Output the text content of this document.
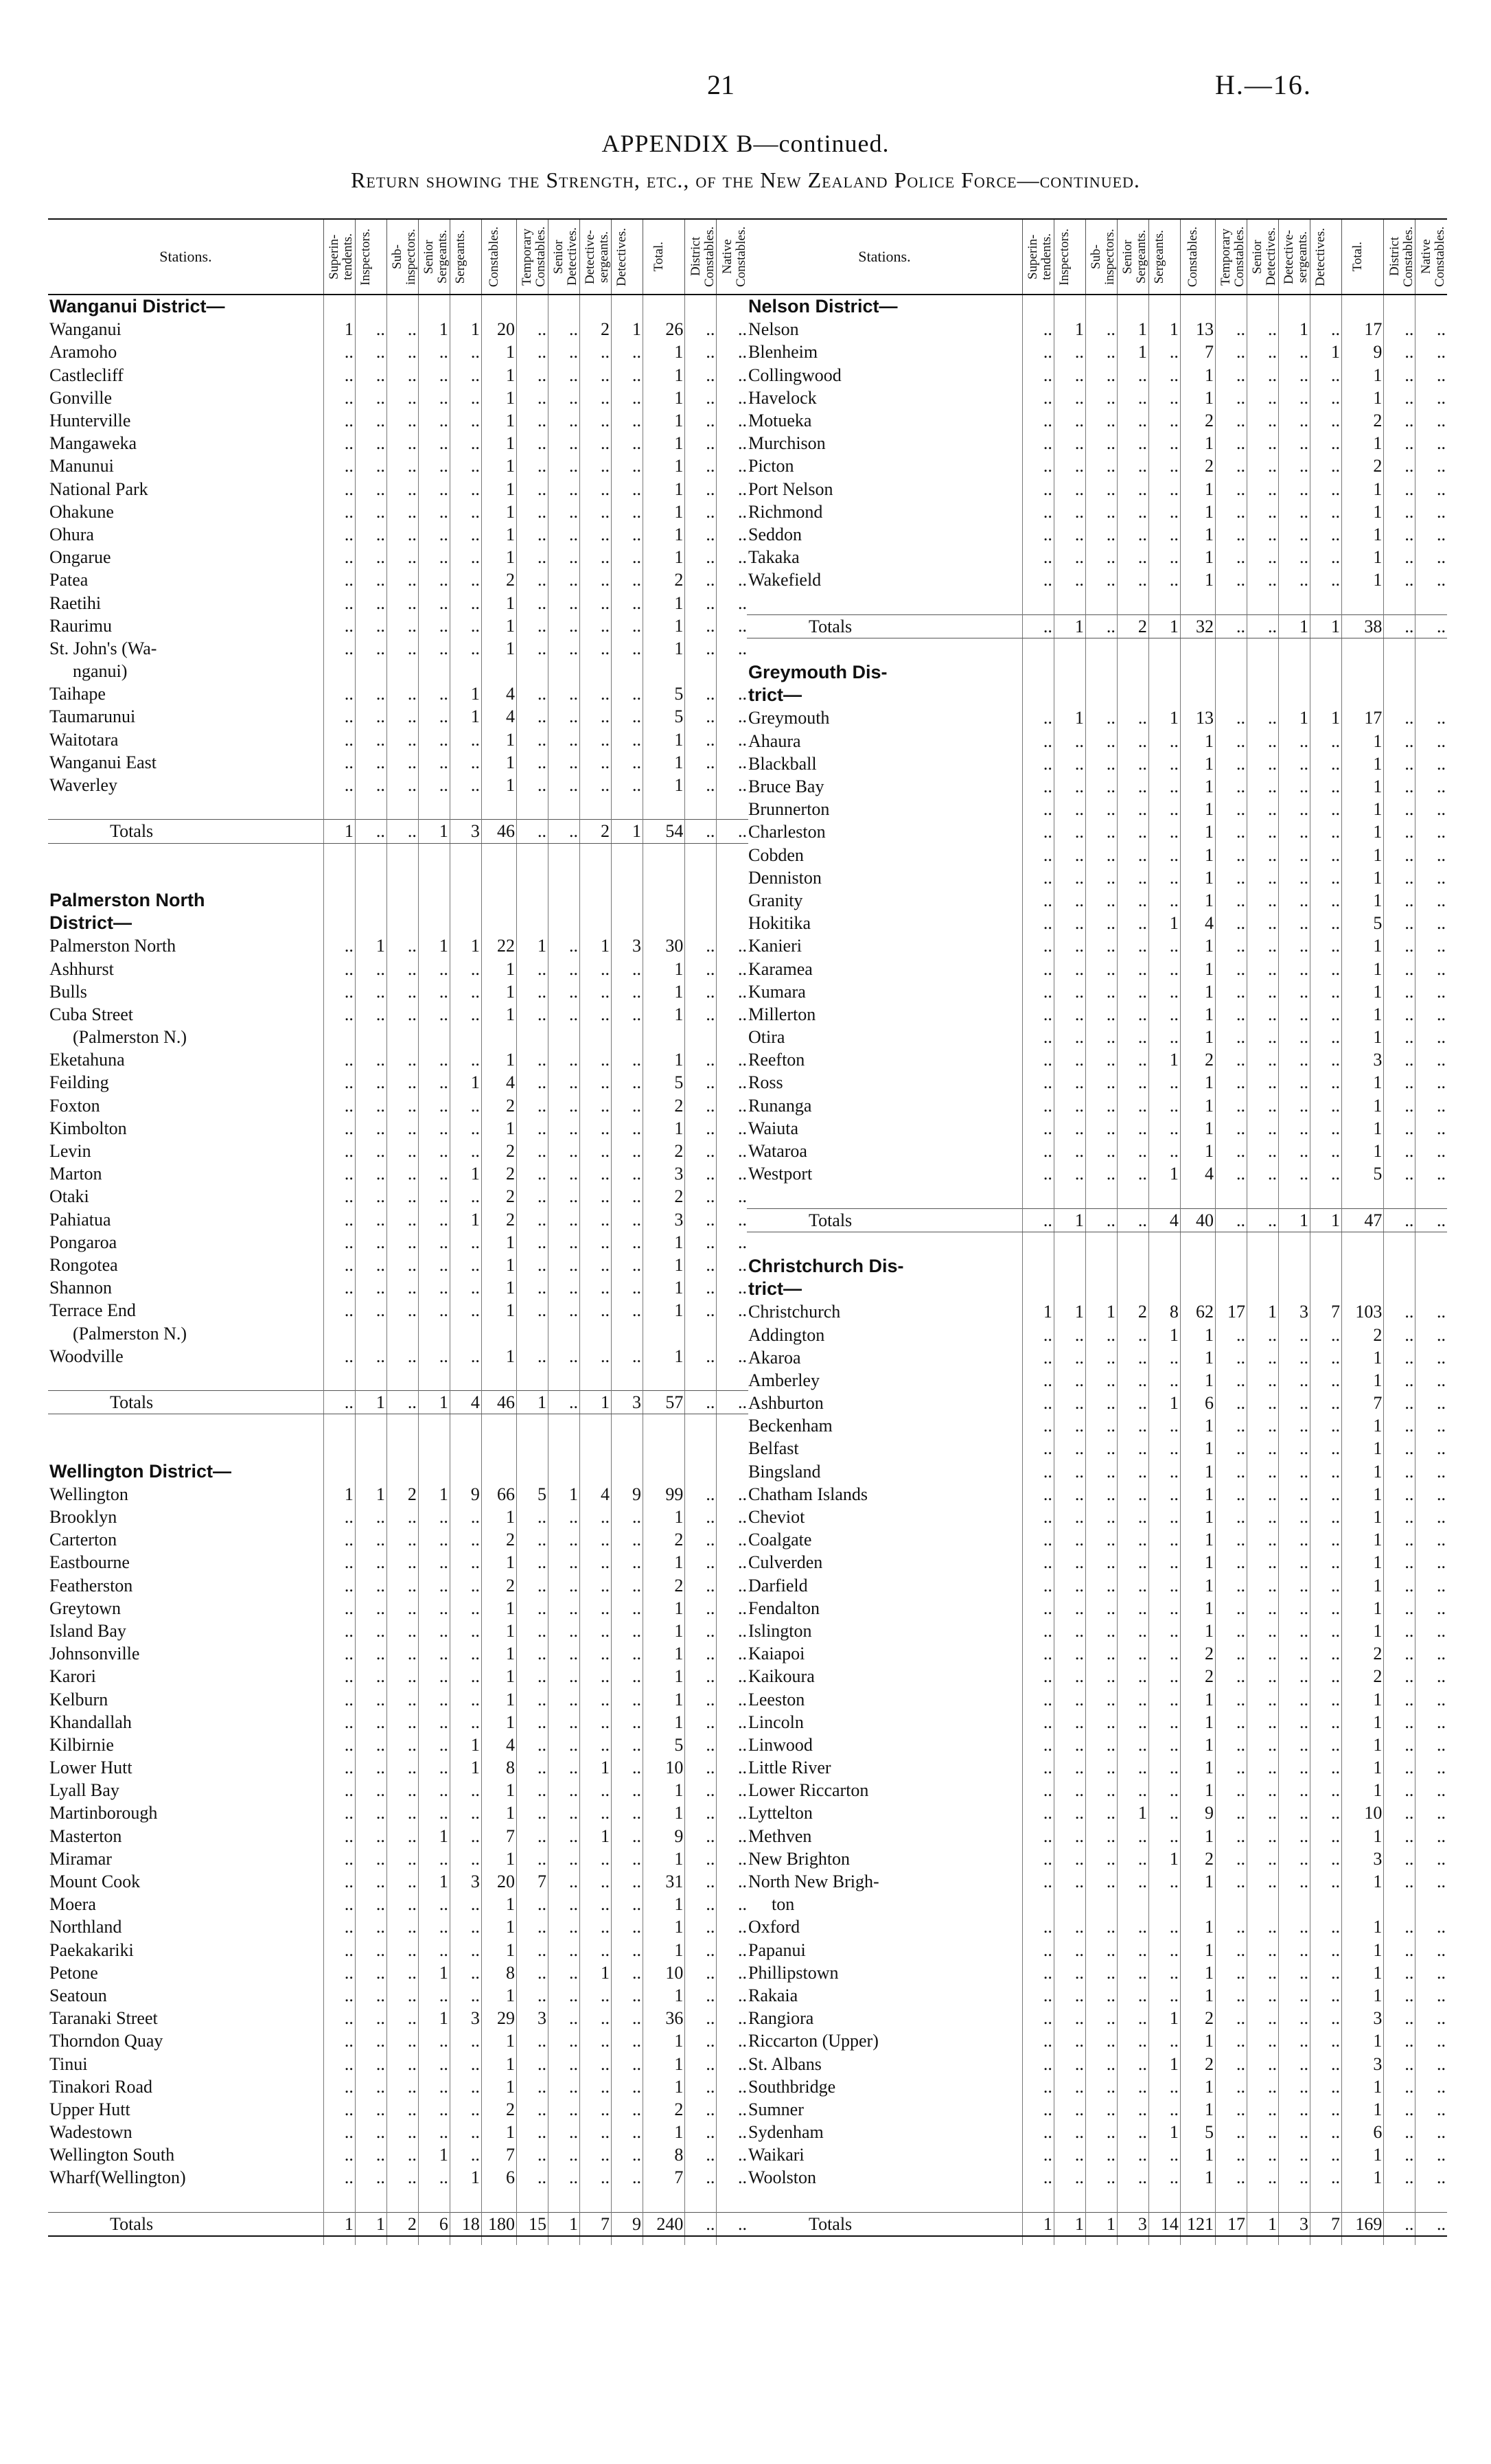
21	H.—16.
APPENDIX B—continued.
Return showing the Strength, etc., of the New Zealand Police Force—continued.
Stations.	Superin- tendents.	Inspectors.	Sub- inspectors.	Senior Sergeants.	Sergeants.	Constables.	Temporary Constables.	Senior Detectives.	Detective- sergeants.	Detectives.	Total.	District Constables.	Native Constables.

Wanganui District—													
Wanganui	1	..	..	1	1	20	..	..	2	1	26	..	..
Aramoho	..	..	..	..	..	1	..	..	..	..	1	..	..
Castlecliff	..	..	..	..	..	1	..	..	..	..	1	..	..
Gonville	..	..	..	..	..	1	..	..	..	..	1	..	..
Hunterville	..	..	..	..	..	1	..	..	..	..	1	..	..
Mangaweka	..	..	..	..	..	1	..	..	..	..	1	..	..
Manunui	..	..	..	..	..	1	..	..	..	..	1	..	..
National Park	..	..	..	..	..	1	..	..	..	..	1	..	..
Ohakune	..	..	..	..	..	1	..	..	..	..	1	..	..
Ohura	..	..	..	..	..	1	..	..	..	..	1	..	..
Ongarue	..	..	..	..	..	1	..	..	..	..	1	..	..
Patea	..	..	..	..	..	2	..	..	..	..	2	..	..
Raetihi	..	..	..	..	..	1	..	..	..	..	1	..	..
Raurimu	..	..	..	..	..	1	..	..	..	..	1	..	..
St. John's (Wa-	..	..	..	..	..	1	..	..	..	..	1	..	..
nganui)													
Taihape	..	..	..	..	1	4	..	..	..	..	5	..	..
Taumarunui	..	..	..	..	1	4	..	..	..	..	5	..	..
Waitotara	..	..	..	..	..	1	..	..	..	..	1	..	..
Wanganui East	..	..	..	..	..	1	..	..	..	..	1	..	..
Waverley	..	..	..	..	..	1	..	..	..	..	1	..	..

Totals	1	..	..	1	3	46	..	..	2	1	54	..	..

Palmerston North													
District—													
Palmerston North	..	1	..	1	1	22	1	..	1	3	30	..	..
Ashhurst	..	..	..	..	..	1	..	..	..	..	1	..	..
Bulls	..	..	..	..	..	1	..	..	..	..	1	..	..
Cuba Street	..	..	..	..	..	1	..	..	..	..	1	..	..
(Palmerston N.)													
Eketahuna	..	..	..	..	..	1	..	..	..	..	1	..	..
Feilding	..	..	..	..	1	4	..	..	..	..	5	..	..
Foxton	..	..	..	..	..	2	..	..	..	..	2	..	..
Kimbolton	..	..	..	..	..	1	..	..	..	..	1	..	..
Levin	..	..	..	..	..	2	..	..	..	..	2	..	..
Marton	..	..	..	..	1	2	..	..	..	..	3	..	..
Otaki	..	..	..	..	..	2	..	..	..	..	2	..	..
Pahiatua	..	..	..	..	1	2	..	..	..	..	3	..	..
Pongaroa	..	..	..	..	..	1	..	..	..	..	1	..	..
Rongotea	..	..	..	..	..	1	..	..	..	..	1	..	..
Shannon	..	..	..	..	..	1	..	..	..	..	1	..	..
Terrace End	..	..	..	..	..	1	..	..	..	..	1	..	..
(Palmerston N.)													
Woodville	..	..	..	..	..	1	..	..	..	..	1	..	..

Totals	..	1	..	1	4	46	1	..	1	3	57	..	..

Wellington District—													
Wellington	1	1	2	1	9	66	5	1	4	9	99	..	..
Brooklyn	..	..	..	..	..	1	..	..	..	..	1	..	..
Carterton	..	..	..	..	..	2	..	..	..	..	2	..	..
Eastbourne	..	..	..	..	..	1	..	..	..	..	1	..	..
Featherston	..	..	..	..	..	2	..	..	..	..	2	..	..
Greytown	..	..	..	..	..	1	..	..	..	..	1	..	..
Island Bay	..	..	..	..	..	1	..	..	..	..	1	..	..
Johnsonville	..	..	..	..	..	1	..	..	..	..	1	..	..
Karori	..	..	..	..	..	1	..	..	..	..	1	..	..
Kelburn	..	..	..	..	..	1	..	..	..	..	1	..	..
Khandallah	..	..	..	..	..	1	..	..	..	..	1	..	..
Kilbirnie	..	..	..	..	1	4	..	..	..	..	5	..	..
Lower Hutt	..	..	..	..	1	8	..	..	1	..	10	..	..
Lyall Bay	..	..	..	..	..	1	..	..	..	..	1	..	..
Martinborough	..	..	..	..	..	1	..	..	..	..	1	..	..
Masterton	..	..	..	1	..	7	..	..	1	..	9	..	..
Miramar	..	..	..	..	..	1	..	..	..	..	1	..	..
Mount Cook	..	..	..	1	3	20	7	..	..	..	31	..	..
Moera	..	..	..	..	..	1	..	..	..	..	1	..	..
Northland	..	..	..	..	..	1	..	..	..	..	1	..	..
Paekakariki	..	..	..	..	..	1	..	..	..	..	1	..	..
Petone	..	..	..	1	..	8	..	..	1	..	10	..	..
Seatoun	..	..	..	..	..	1	..	..	..	..	1	..	..
Taranaki Street	..	..	..	1	3	29	3	..	..	..	36	..	..
Thorndon Quay	..	..	..	..	..	1	..	..	..	..	1	..	..
Tinui	..	..	..	..	..	1	..	..	..	..	1	..	..
Tinakori Road	..	..	..	..	..	1	..	..	..	..	1	..	..
Upper Hutt	..	..	..	..	..	2	..	..	..	..	2	..	..
Wadestown	..	..	..	..	..	1	..	..	..	..	1	..	..
Wellington South	..	..	..	1	..	7	..	..	..	..	8	..	..
Wharf(Wellington)	..	..	..	..	1	6	..	..	..	..	7	..	..

Totals	1	1	2	6	18	180	15	1	7	9	240	..	..

Stations.	Superin- tendents.	Inspectors.	Sub- inspectors.	Senior Sergeants.	Sergeants.	Constables.	Temporary Constables.	Senior Detectives.	Detective- sergeants.	Detectives.	Total.	District Constables.	Native Constables.

Nelson District—													
Nelson	..	1	..	1	1	13	..	..	1	..	17	..	..
Blenheim	..	..	..	1	..	7	..	..	..	1	9	..	..
Collingwood	..	..	..	..	..	1	..	..	..	..	1	..	..
Havelock	..	..	..	..	..	1	..	..	..	..	1	..	..
Motueka	..	..	..	..	..	2	..	..	..	..	2	..	..
Murchison	..	..	..	..	..	1	..	..	..	..	1	..	..
Picton	..	..	..	..	..	2	..	..	..	..	2	..	..
Port Nelson	..	..	..	..	..	1	..	..	..	..	1	..	..
Richmond	..	..	..	..	..	1	..	..	..	..	1	..	..
Seddon	..	..	..	..	..	1	..	..	..	..	1	..	..
Takaka	..	..	..	..	..	1	..	..	..	..	1	..	..
Wakefield	..	..	..	..	..	1	..	..	..	..	1	..	..

Totals	..	1	..	2	1	32	..	..	1	1	38	..	..

Greymouth Dis-													
trict—													
Greymouth	..	1	..	..	1	13	..	..	1	1	17	..	..
Ahaura	..	..	..	..	..	1	..	..	..	..	1	..	..
Blackball	..	..	..	..	..	1	..	..	..	..	1	..	..
Bruce Bay	..	..	..	..	..	1	..	..	..	..	1	..	..
Brunnerton	..	..	..	..	..	1	..	..	..	..	1	..	..
Charleston	..	..	..	..	..	1	..	..	..	..	1	..	..
Cobden	..	..	..	..	..	1	..	..	..	..	1	..	..
Denniston	..	..	..	..	..	1	..	..	..	..	1	..	..
Granity	..	..	..	..	..	1	..	..	..	..	1	..	..
Hokitika	..	..	..	..	1	4	..	..	..	..	5	..	..
Kanieri	..	..	..	..	..	1	..	..	..	..	1	..	..
Karamea	..	..	..	..	..	1	..	..	..	..	1	..	..
Kumara	..	..	..	..	..	1	..	..	..	..	1	..	..
Millerton	..	..	..	..	..	1	..	..	..	..	1	..	..
Otira	..	..	..	..	..	1	..	..	..	..	1	..	..
Reefton	..	..	..	..	1	2	..	..	..	..	3	..	..
Ross	..	..	..	..	..	1	..	..	..	..	1	..	..
Runanga	..	..	..	..	..	1	..	..	..	..	1	..	..
Waiuta	..	..	..	..	..	1	..	..	..	..	1	..	..
Wataroa	..	..	..	..	..	1	..	..	..	..	1	..	..
Westport	..	..	..	..	1	4	..	..	..	..	5	..	..

Totals	..	1	..	..	4	40	..	..	1	1	47	..	..

Christchurch Dis-													
trict—													
Christchurch	1	1	1	2	8	62	17	1	3	7	103	..	..
Addington	..	..	..	..	1	1	..	..	..	..	2	..	..
Akaroa	..	..	..	..	..	1	..	..	..	..	1	..	..
Amberley	..	..	..	..	..	1	..	..	..	..	1	..	..
Ashburton	..	..	..	..	1	6	..	..	..	..	7	..	..
Beckenham	..	..	..	..	..	1	..	..	..	..	1	..	..
Belfast	..	..	..	..	..	1	..	..	..	..	1	..	..
Bingsland	..	..	..	..	..	1	..	..	..	..	1	..	..
Chatham Islands	..	..	..	..	..	1	..	..	..	..	1	..	..
Cheviot	..	..	..	..	..	1	..	..	..	..	1	..	..
Coalgate	..	..	..	..	..	1	..	..	..	..	1	..	..
Culverden	..	..	..	..	..	1	..	..	..	..	1	..	..
Darfield	..	..	..	..	..	1	..	..	..	..	1	..	..
Fendalton	..	..	..	..	..	1	..	..	..	..	1	..	..
Islington	..	..	..	..	..	1	..	..	..	..	1	..	..
Kaiapoi	..	..	..	..	..	2	..	..	..	..	2	..	..
Kaikoura	..	..	..	..	..	2	..	..	..	..	2	..	..
Leeston	..	..	..	..	..	1	..	..	..	..	1	..	..
Lincoln	..	..	..	..	..	1	..	..	..	..	1	..	..
Linwood	..	..	..	..	..	1	..	..	..	..	1	..	..
Little River	..	..	..	..	..	1	..	..	..	..	1	..	..
Lower Riccarton	..	..	..	..	..	1	..	..	..	..	1	..	..
Lyttelton	..	..	..	1	..	9	..	..	..	..	10	..	..
Methven	..	..	..	..	..	1	..	..	..	..	1	..	..
New Brighton	..	..	..	..	1	2	..	..	..	..	3	..	..
North New Brigh-	..	..	..	..	..	1	..	..	..	..	1	..	..
ton													
Oxford	..	..	..	..	..	1	..	..	..	..	1	..	..
Papanui	..	..	..	..	..	1	..	..	..	..	1	..	..
Phillipstown	..	..	..	..	..	1	..	..	..	..	1	..	..
Rakaia	..	..	..	..	..	1	..	..	..	..	1	..	..
Rangiora	..	..	..	..	1	2	..	..	..	..	3	..	..
Riccarton (Upper)	..	..	..	..	..	1	..	..	..	..	1	..	..
St. Albans	..	..	..	..	1	2	..	..	..	..	3	..	..
Southbridge	..	..	..	..	..	1	..	..	..	..	1	..	..
Sumner	..	..	..	..	..	1	..	..	..	..	1	..	..
Sydenham	..	..	..	..	1	5	..	..	..	..	6	..	..
Waikari	..	..	..	..	..	1	..	..	..	..	1	..	..
Woolston	..	..	..	..	..	1	..	..	..	..	1	..	..

Totals	1	1	1	3	14	121	17	1	3	7	169	..	..
